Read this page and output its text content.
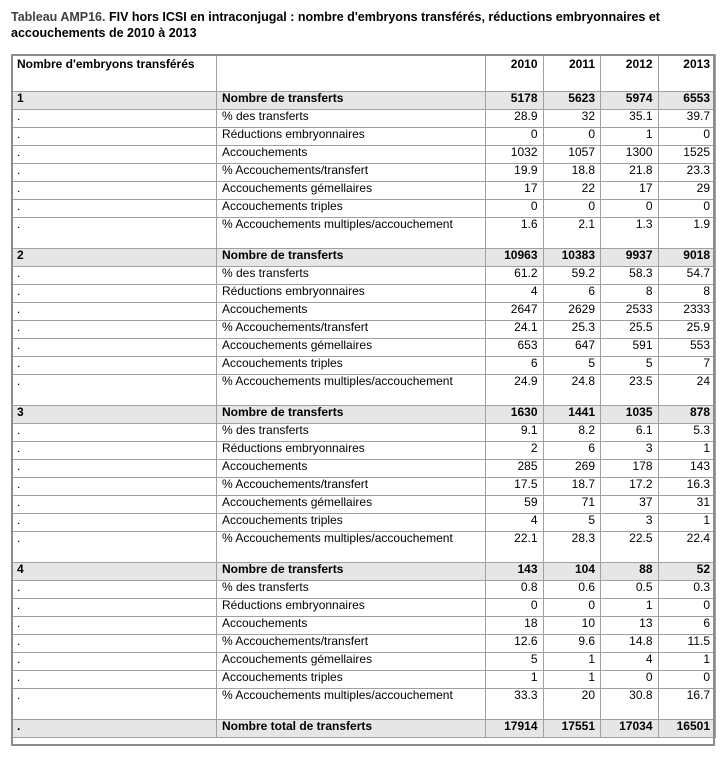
Tableau AMP16. FIV hors ICSI en intraconjugal : nombre d'embryons transférés, réductions embryonnaires et accouchements de 2010 à 2013
Nombre d'embryons transférés		2010	2011	2012	2013
1	Nombre de transferts	5178	5623	5974	6553
.	% des transferts	28.9	32	35.1	39.7
.	Réductions embryonnaires	0	0	1	0
.	Accouchements	1032	1057	1300	1525
.	% Accouchements/transfert	19.9	18.8	21.8	23.3
.	Accouchements gémellaires	17	22	17	29
.	Accouchements triples	0	0	0	0
.	% Accouchements multiples/accouchement	1.6	2.1	1.3	1.9
2	Nombre de transferts	10963	10383	9937	9018
.	% des transferts	61.2	59.2	58.3	54.7
.	Réductions embryonnaires	4	6	8	8
.	Accouchements	2647	2629	2533	2333
.	% Accouchements/transfert	24.1	25.3	25.5	25.9
.	Accouchements gémellaires	653	647	591	553
.	Accouchements triples	6	5	5	7
.	% Accouchements multiples/accouchement	24.9	24.8	23.5	24
3	Nombre de transferts	1630	1441	1035	878
.	% des transferts	9.1	8.2	6.1	5.3
.	Réductions embryonnaires	2	6	3	1
.	Accouchements	285	269	178	143
.	% Accouchements/transfert	17.5	18.7	17.2	16.3
.	Accouchements gémellaires	59	71	37	31
.	Accouchements triples	4	5	3	1
.	% Accouchements multiples/accouchement	22.1	28.3	22.5	22.4
4	Nombre de transferts	143	104	88	52
.	% des transferts	0.8	0.6	0.5	0.3
.	Réductions embryonnaires	0	0	1	0
.	Accouchements	18	10	13	6
.	% Accouchements/transfert	12.6	9.6	14.8	11.5
.	Accouchements gémellaires	5	1	4	1
.	Accouchements triples	1	1	0	0
.	% Accouchements multiples/accouchement	33.3	20	30.8	16.7
.	Nombre total de transferts	17914	17551	17034	16501
